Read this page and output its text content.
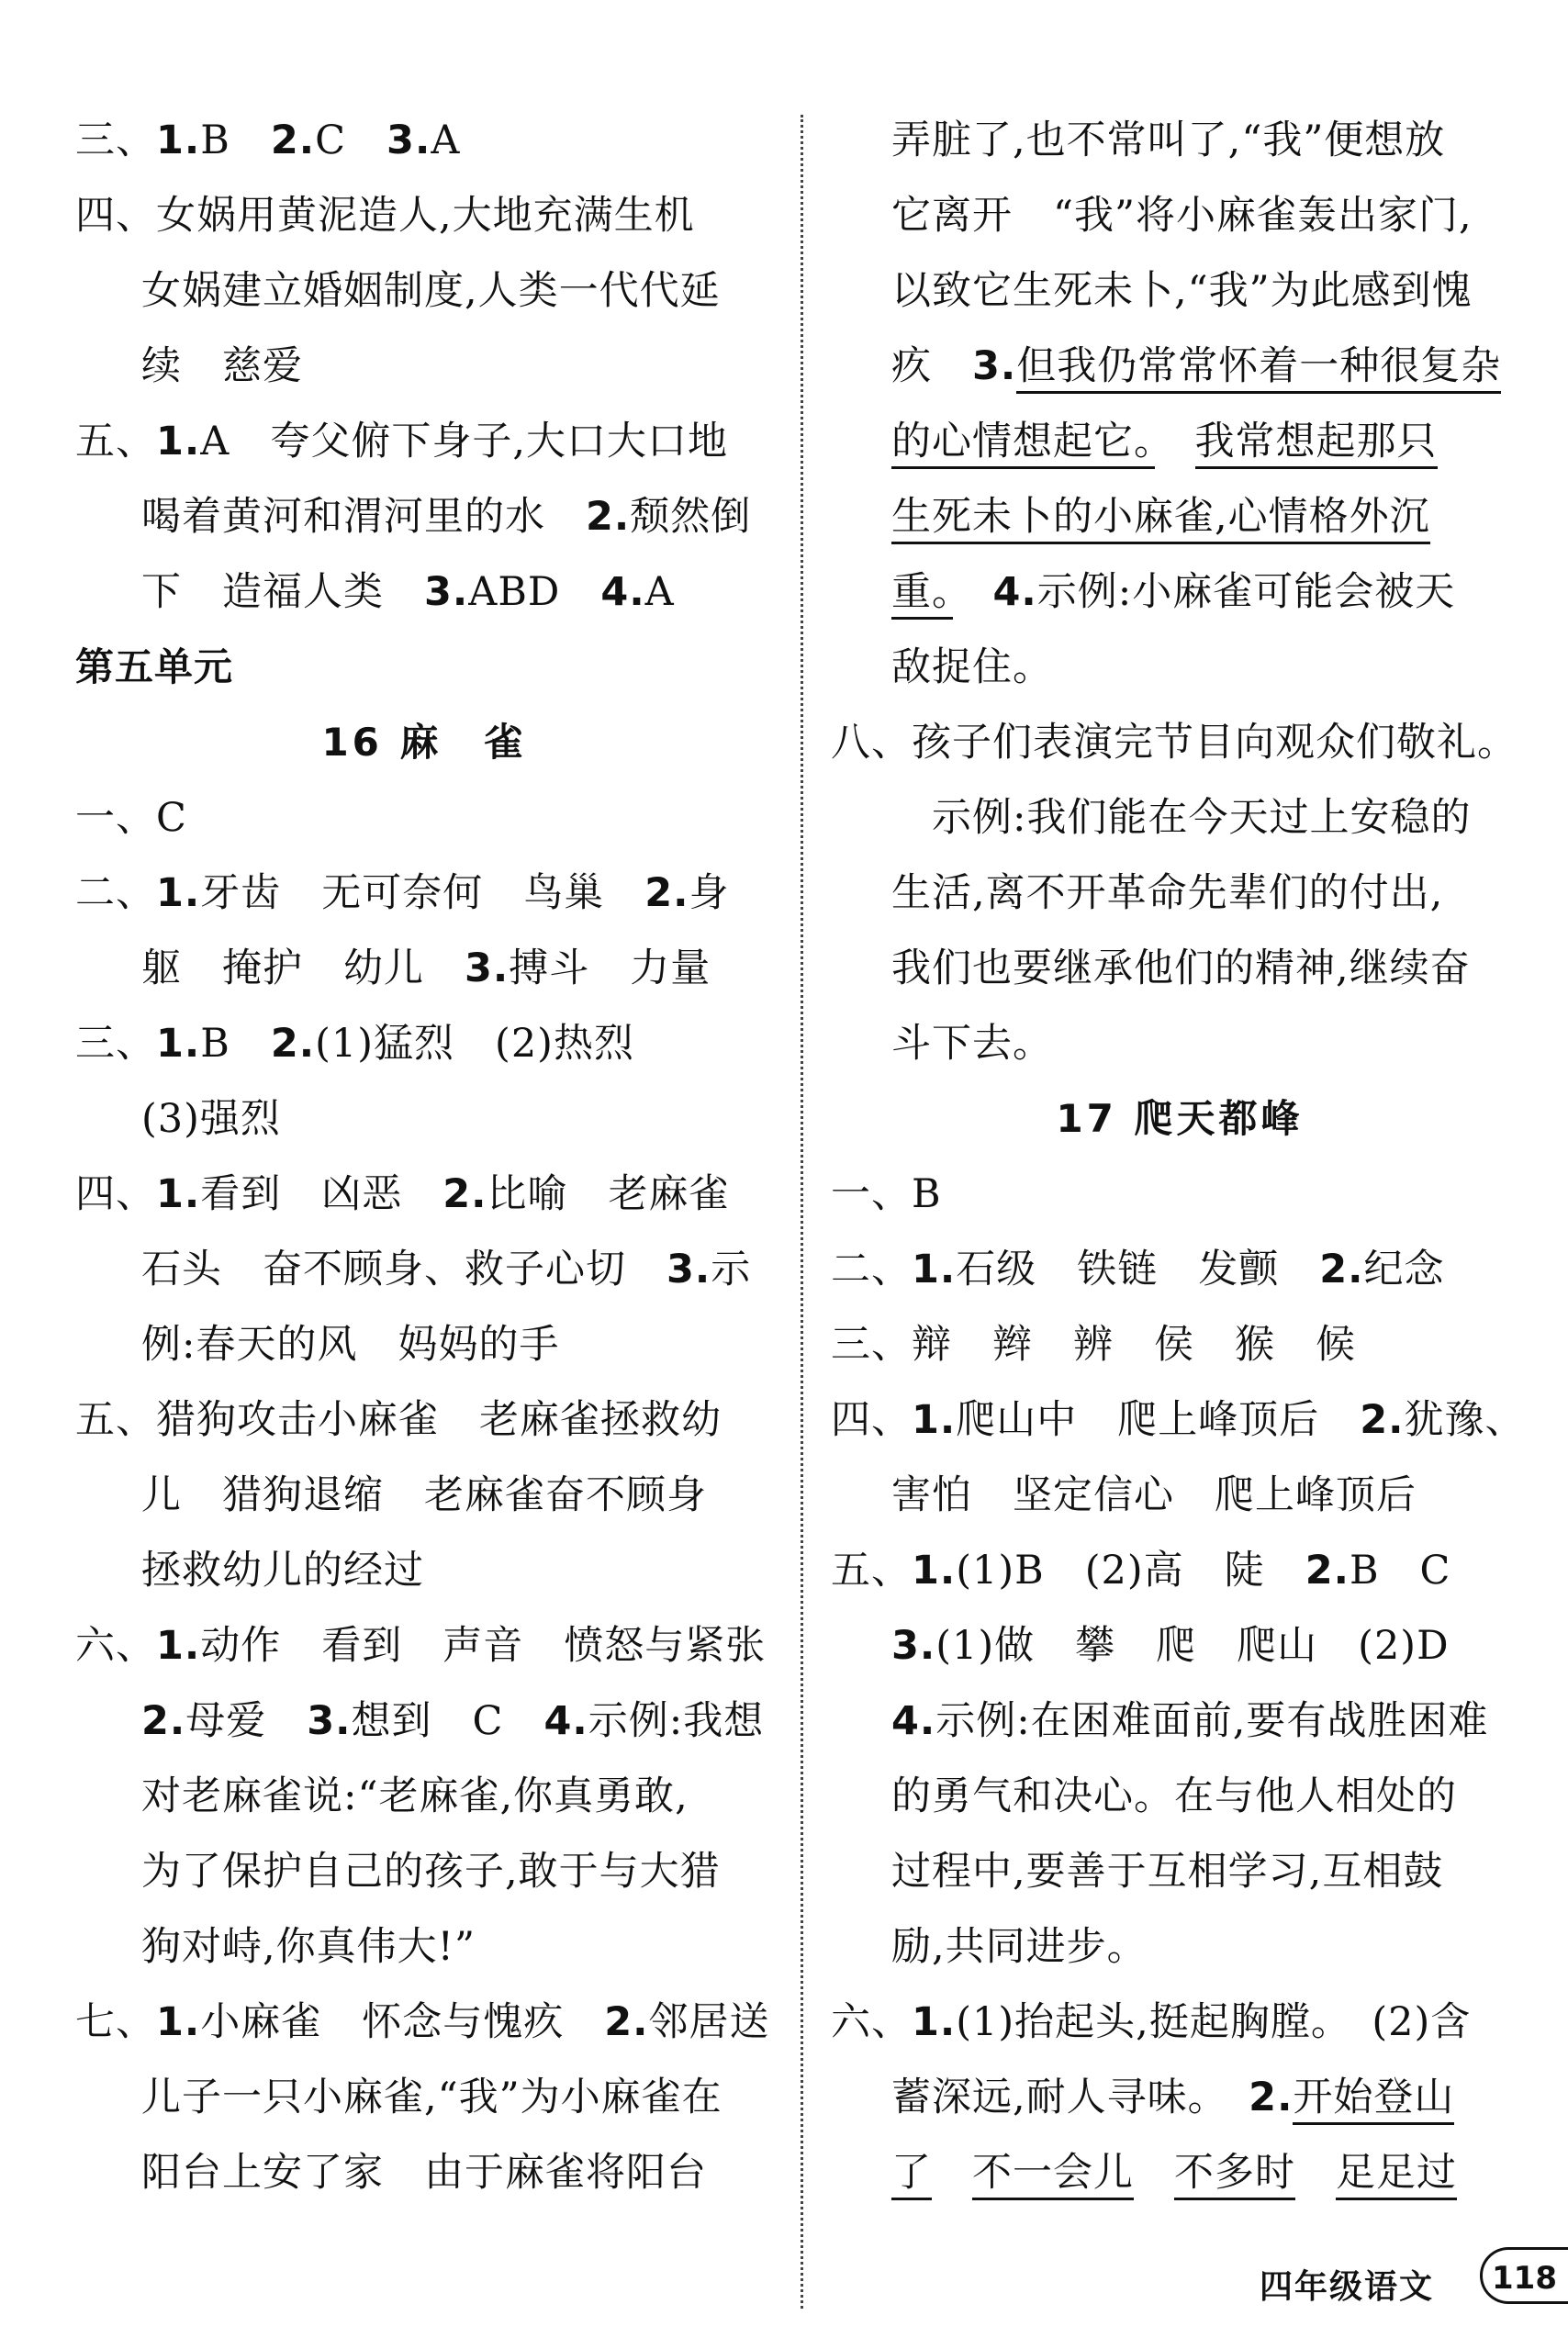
三、1.B　2.C　3.A
四、女娲用黄泥造人,大地充满生机
女娲建立婚姻制度,人类一代代延
续　慈爱
五、1.A　夸父俯下身子,大口大口地
喝着黄河和渭河里的水　2.颓然倒
下　造福人类　3.ABD　4.A
第五单元
16 麻　雀
一、C
二、1.牙齿　无可奈何　鸟巢　2.身
躯　掩护　幼儿　3.搏斗　力量
三、1.B　2.(1)猛烈　(2)热烈
(3)强烈
四、1.看到　凶恶　2.比喻　老麻雀
石头　奋不顾身、救子心切　3.示
例:春天的风　妈妈的手
五、猎狗攻击小麻雀　老麻雀拯救幼
儿　猎狗退缩　老麻雀奋不顾身
拯救幼儿的经过
六、1.动作　看到　声音　愤怒与紧张
2.母爱　3.想到　C　4.示例:我想
对老麻雀说:“老麻雀,你真勇敢,
为了保护自己的孩子,敢于与大猎
狗对峙,你真伟大!”
七、1.小麻雀　怀念与愧疚　2.邻居送
儿子一只小麻雀,“我”为小麻雀在
阳台上安了家　由于麻雀将阳台
弄脏了,也不常叫了,“我”便想放
它离开　“我”将小麻雀轰出家门,
以致它生死未卜,“我”为此感到愧
疚　3.但我仍常常怀着一种很复杂
的心情想起它。　 我常想起那只
生死未卜的小麻雀,心情格外沉
重。　 4.示例:小麻雀可能会被天
敌捉住。
八、孩子们表演完节目向观众们敬礼。
示例:我们能在今天过上安稳的
生活,离不开革命先辈们的付出,
我们也要继承他们的精神,继续奋
斗下去。
17 爬天都峰
一、B
二、1.石级　铁链　发颤　2.纪念
三、辩　辫　辨　侯　猴　候
四、1.爬山中　爬上峰顶后　2.犹豫、
害怕　坚定信心　爬上峰顶后
五、1.(1)B　(2)高　陡　2.B　C
3.(1)做　攀　爬　爬山　(2)D
4.示例:在困难面前,要有战胜困难
的勇气和决心。在与他人相处的
过程中,要善于互相学习,互相鼓
励,共同进步。
六、1.(1)抬起头,挺起胸膛。　(2)含
蓄深远,耐人寻味。　2.开始登山
了　 不一会儿　 不多时　 足足过
四年级语文	118
